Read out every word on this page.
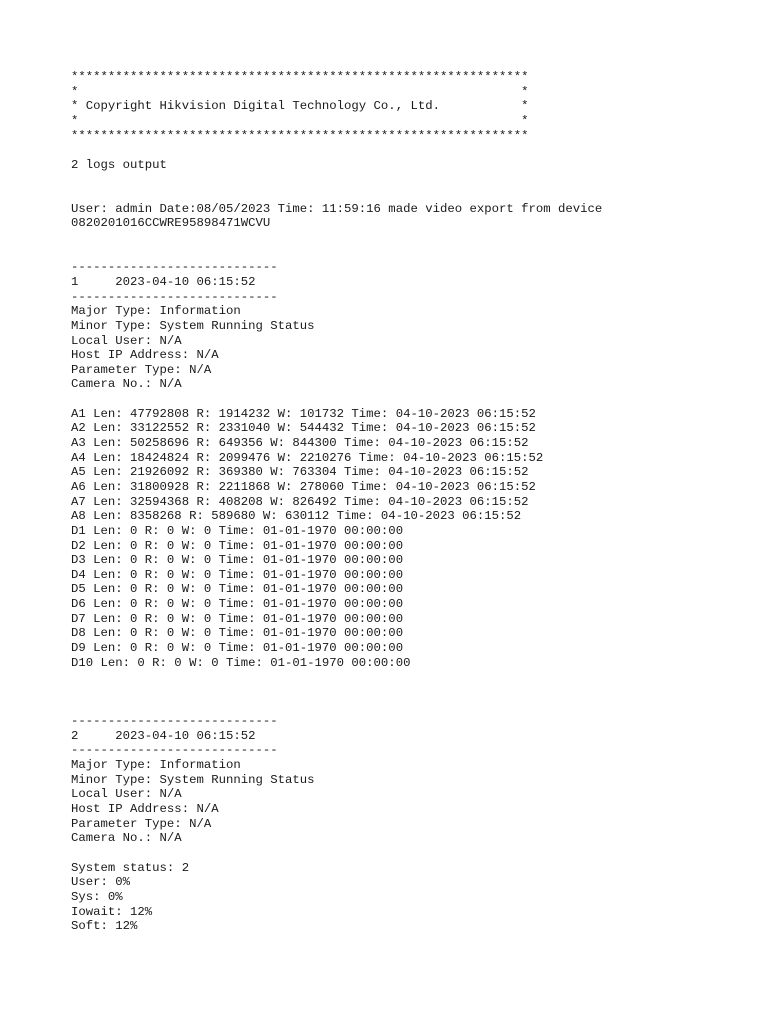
**************************************************************
*                                                            *
* Copyright Hikvision Digital Technology Co., Ltd.           *
*                                                            *
**************************************************************
2 logs output
User: admin Date:08/05/2023 Time: 11:59:16 made video export from device
0820201016CCWRE95898471WCVU
----------------------------
1     2023-04-10 06:15:52
----------------------------
Major Type: Information
Minor Type: System Running Status
Local User: N/A
Host IP Address: N/A
Parameter Type: N/A
Camera No.: N/A
A1 Len: 47792808 R: 1914232 W: 101732 Time: 04-10-2023 06:15:52
A2 Len: 33122552 R: 2331040 W: 544432 Time: 04-10-2023 06:15:52
A3 Len: 50258696 R: 649356 W: 844300 Time: 04-10-2023 06:15:52
A4 Len: 18424824 R: 2099476 W: 2210276 Time: 04-10-2023 06:15:52
A5 Len: 21926092 R: 369380 W: 763304 Time: 04-10-2023 06:15:52
A6 Len: 31800928 R: 2211868 W: 278060 Time: 04-10-2023 06:15:52
A7 Len: 32594368 R: 408208 W: 826492 Time: 04-10-2023 06:15:52
A8 Len: 8358268 R: 589680 W: 630112 Time: 04-10-2023 06:15:52
D1 Len: 0 R: 0 W: 0 Time: 01-01-1970 00:00:00
D2 Len: 0 R: 0 W: 0 Time: 01-01-1970 00:00:00
D3 Len: 0 R: 0 W: 0 Time: 01-01-1970 00:00:00
D4 Len: 0 R: 0 W: 0 Time: 01-01-1970 00:00:00
D5 Len: 0 R: 0 W: 0 Time: 01-01-1970 00:00:00
D6 Len: 0 R: 0 W: 0 Time: 01-01-1970 00:00:00
D7 Len: 0 R: 0 W: 0 Time: 01-01-1970 00:00:00
D8 Len: 0 R: 0 W: 0 Time: 01-01-1970 00:00:00
D9 Len: 0 R: 0 W: 0 Time: 01-01-1970 00:00:00
D10 Len: 0 R: 0 W: 0 Time: 01-01-1970 00:00:00
----------------------------
2     2023-04-10 06:15:52
----------------------------
Major Type: Information
Minor Type: System Running Status
Local User: N/A
Host IP Address: N/A
Parameter Type: N/A
Camera No.: N/A
System status: 2
User: 0%
Sys: 0%
Iowait: 12%
Soft: 12%
